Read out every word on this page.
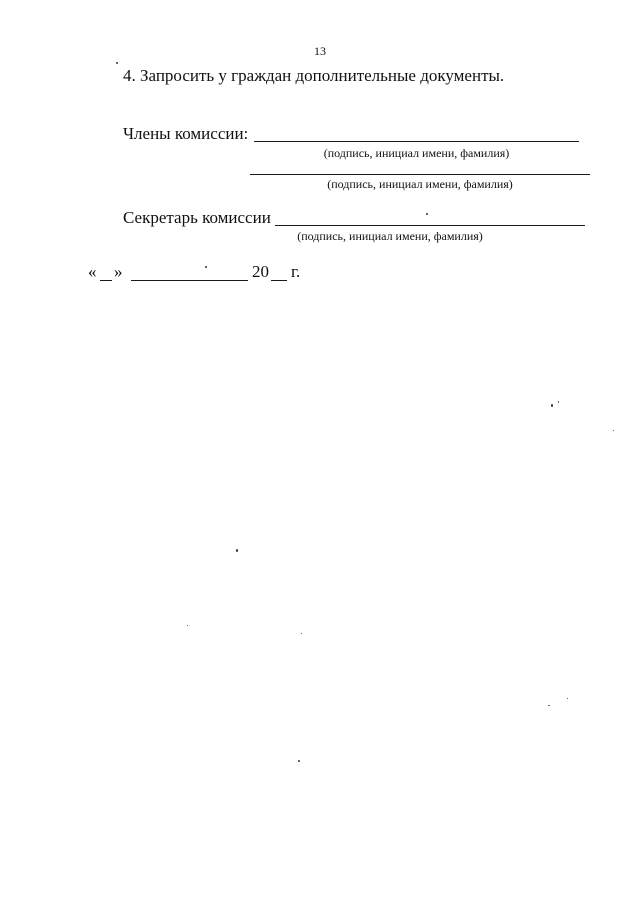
13
4. Запросить у граждан дополнительные документы.
Члены комиссии:
(подпись, инициал имени, фамилия)
(подпись, инициал имени, фамилия)
Секретарь комиссии
(подпись, инициал имени, фамилия)
« »	20 г.
